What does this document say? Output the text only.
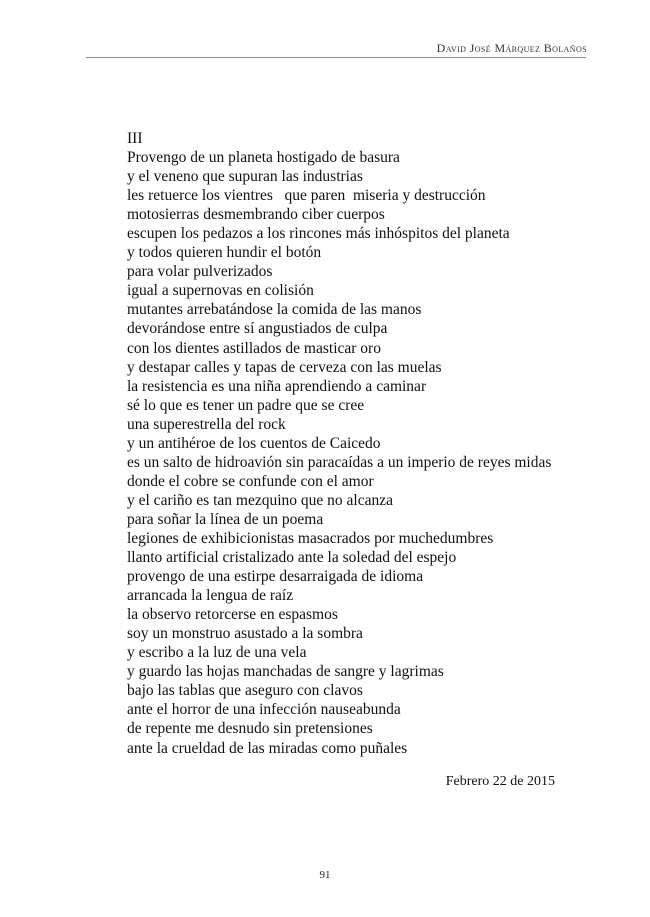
David José Márquez Bolaños
III
Provengo de un planeta hostigado de basura
y el veneno que supuran las industrias
les retuerce los vientres   que paren  miseria y destrucción
motosierras desmembrando ciber cuerpos
escupen los pedazos a los rincones más inhóspitos del planeta
y todos quieren hundir el botón
para volar pulverizados
igual a supernovas en colisión
mutantes arrebatándose la comida de las manos
devorándose entre sí angustiados de culpa
con los dientes astillados de masticar oro
y destapar calles y tapas de cerveza con las muelas
la resistencia es una niña aprendiendo a caminar
sé lo que es tener un padre que se cree
una superestrella del rock
y un antihéroe de los cuentos de Caicedo
es un salto de hidroavión sin paracaídas a un imperio de reyes midas
donde el cobre se confunde con el amor
y el cariño es tan mezquino que no alcanza
para soñar la línea de un poema
legiones de exhibicionistas masacrados por muchedumbres
llanto artificial cristalizado ante la soledad del espejo
provengo de una estirpe desarraigada de idioma
arrancada la lengua de raíz
la observo retorcerse en espasmos
soy un monstruo asustado a la sombra
y escribo a la luz de una vela
y guardo las hojas manchadas de sangre y lagrimas
bajo las tablas que aseguro con clavos
ante el horror de una infección nauseabunda
de repente me desnudo sin pretensiones
ante la crueldad de las miradas como puñales
Febrero 22 de 2015
91
